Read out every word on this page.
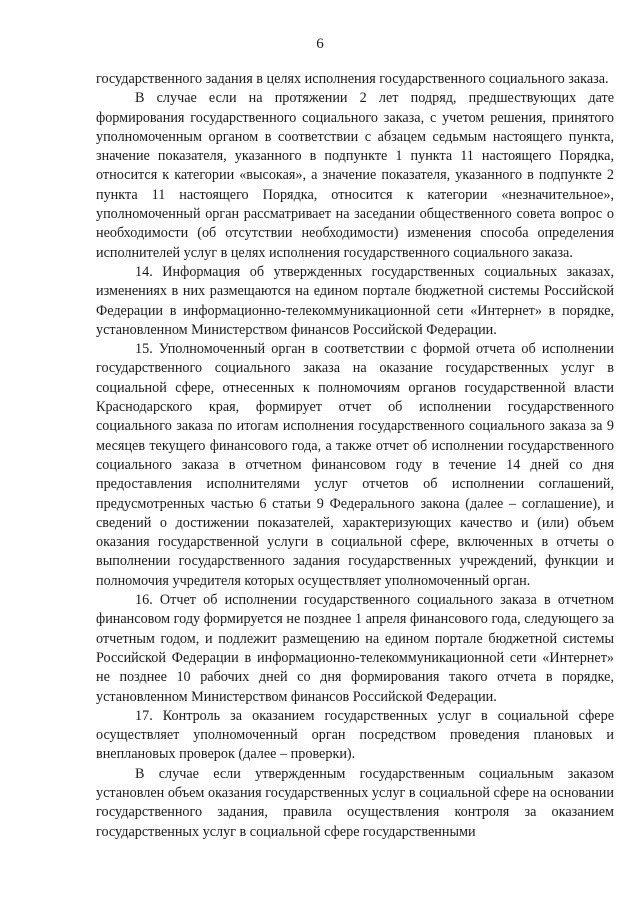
6

государственного задания в целях исполнения государственного социального заказа.

В случае если на протяжении 2 лет подряд, предшествующих дате формирования государственного социального заказа, с учетом решения, принятого уполномоченным органом в соответствии с абзацем седьмым настоящего пункта, значение показателя, указанного в подпункте 1 пункта 11 настоящего Порядка, относится к категории «высокая», а значение показателя, указанного в подпункте 2 пункта 11 настоящего Порядка, относится к категории «незначительное», уполномоченный орган рассматривает на заседании общественного совета вопрос о необходимости (об отсутствии необходимости) изменения способа определения исполнителей услуг в целях исполнения государственного социального заказа.

14. Информация об утвержденных государственных социальных заказах, изменениях в них размещаются на едином портале бюджетной системы Российской Федерации в информационно-телекоммуникационной сети «Интернет» в порядке, установленном Министерством финансов Российской Федерации.

15. Уполномоченный орган в соответствии с формой отчета об исполнении государственного социального заказа на оказание государственных услуг в социальной сфере, отнесенных к полномочиям органов государственной власти Краснодарского края, формирует отчет об исполнении государственного социального заказа по итогам исполнения государственного социального заказа за 9 месяцев текущего финансового года, а также отчет об исполнении государственного социального заказа в отчетном финансовом году в течение 14 дней со дня предоставления исполнителями услуг отчетов об исполнении соглашений, предусмотренных частью 6 статьи 9 Федерального закона (далее – соглашение), и сведений о достижении показателей, характеризующих качество и (или) объем оказания государственной услуги в социальной сфере, включенных в отчеты о выполнении государственного задания государственных учреждений, функции и полномочия учредителя которых осуществляет уполномоченный орган.

16. Отчет об исполнении государственного социального заказа в отчетном финансовом году формируется не позднее 1 апреля финансового года, следующего за отчетным годом, и подлежит размещению на едином портале бюджетной системы Российской Федерации в информационно-телекоммуникационной сети «Интернет» не позднее 10 рабочих дней со дня формирования такого отчета в порядке, установленном Министерством финансов Российской Федерации.

17. Контроль за оказанием государственных услуг в социальной сфере осуществляет уполномоченный орган посредством проведения плановых и внеплановых проверок (далее – проверки).

В случае если утвержденным государственным социальным заказом установлен объем оказания государственных услуг в социальной сфере на основании государственного задания, правила осуществления контроля за оказанием государственных услуг в социальной сфере государственными
